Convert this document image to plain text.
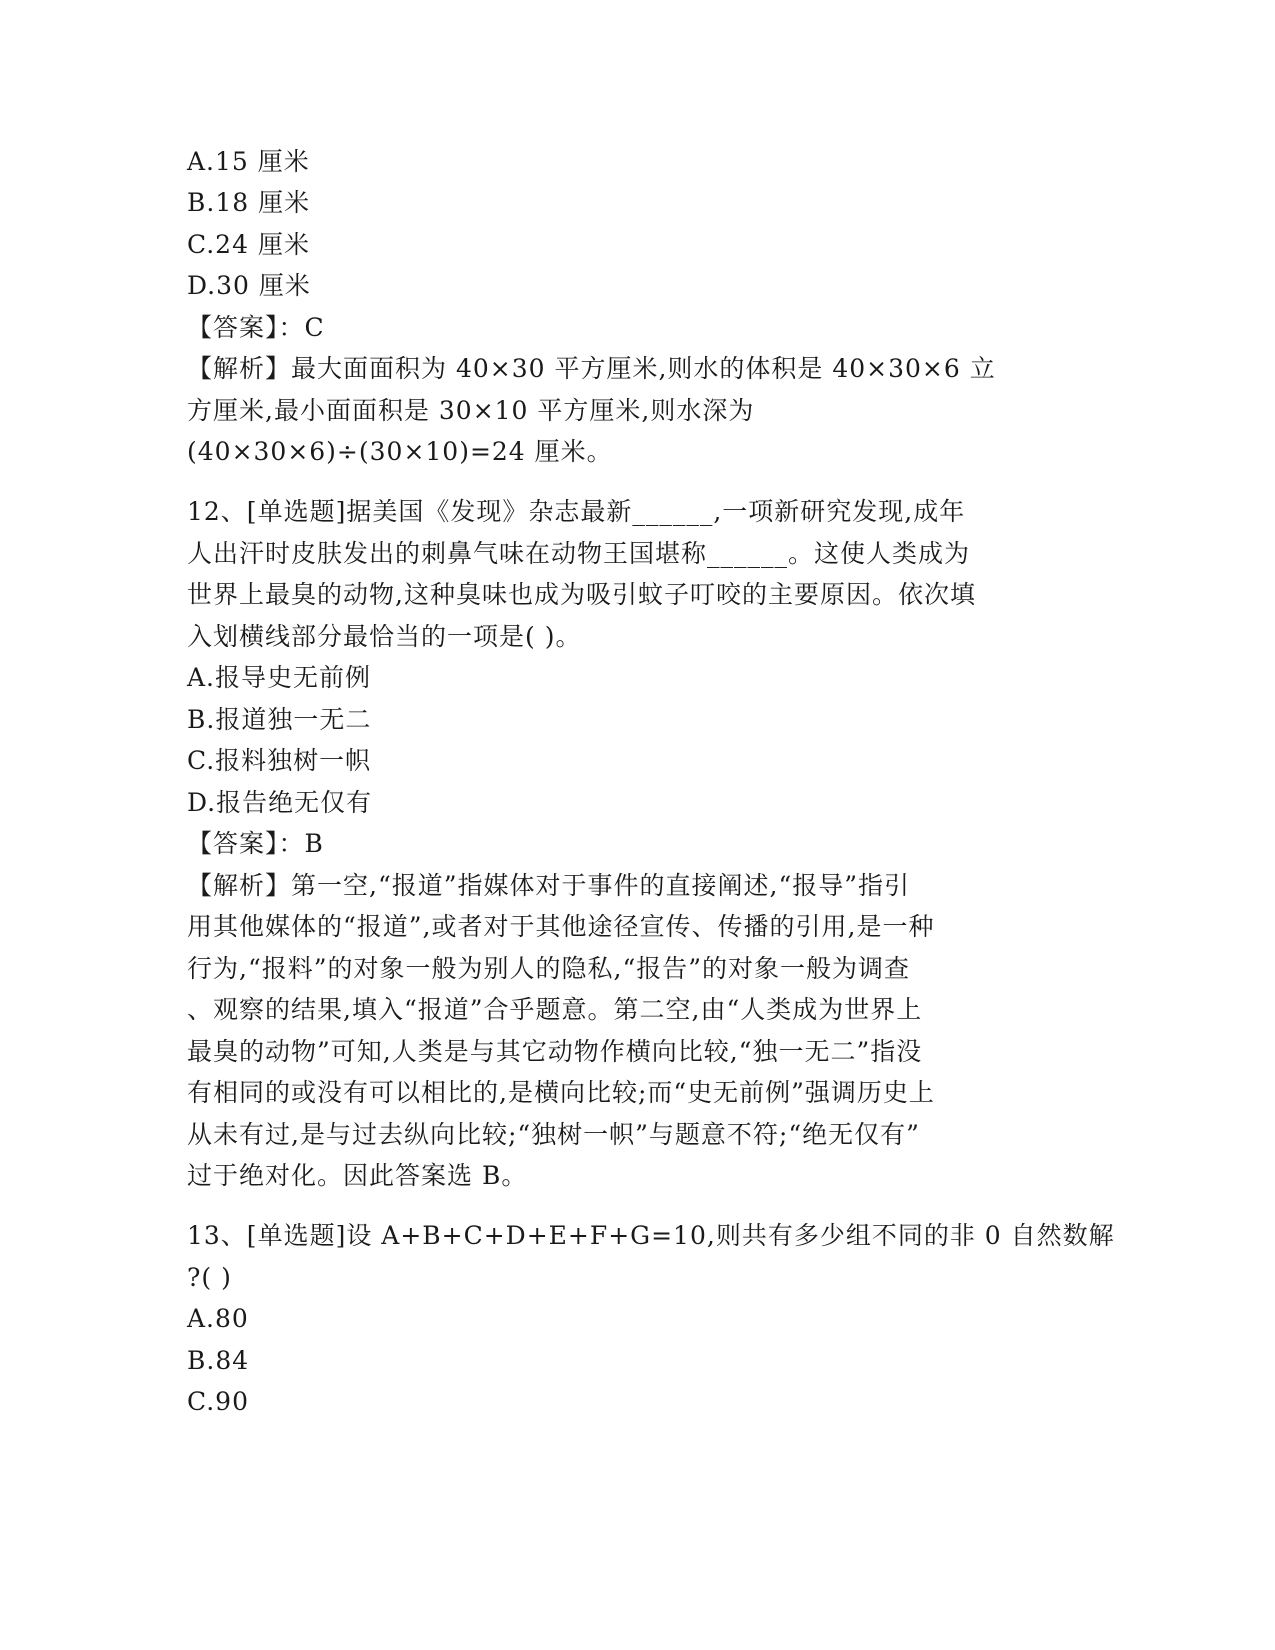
A.15 厘米
B.18 厘米
C.24 厘米
D.30 厘米
【答案】：C
【解析】最大面面积为 40×30 平方厘米,则水的体积是 40×30×6 立
方厘米,最小面面积是 30×10 平方厘米,则水深为
(40×30×6)÷(30×10)=24 厘米。
12、[单选题]据美国《发现》杂志最新______,一项新研究发现,成年
人出汗时皮肤发出的刺鼻气味在动物王国堪称______。这使人类成为
世界上最臭的动物,这种臭味也成为吸引蚊子叮咬的主要原因。依次填
入划横线部分最恰当的一项是( )。
A.报导史无前例
B.报道独一无二
C.报料独树一帜
D.报告绝无仅有
【答案】：B
【解析】第一空,“报道”指媒体对于事件的直接阐述,“报导”指引
用其他媒体的“报道”,或者对于其他途径宣传、传播的引用,是一种
行为,“报料”的对象一般为别人的隐私,“报告”的对象一般为调查
、观察的结果,填入“报道”合乎题意。第二空,由“人类成为世界上
最臭的动物”可知,人类是与其它动物作横向比较,“独一无二”指没
有相同的或没有可以相比的,是横向比较;而“史无前例”强调历史上
从未有过,是与过去纵向比较;“独树一帜”与题意不符;“绝无仅有”
过于绝对化。因此答案选 B。
13、[单选题]设 A+B+C+D+E+F+G=10,则共有多少组不同的非 0 自然数解
?( )
A.80
B.84
C.90
